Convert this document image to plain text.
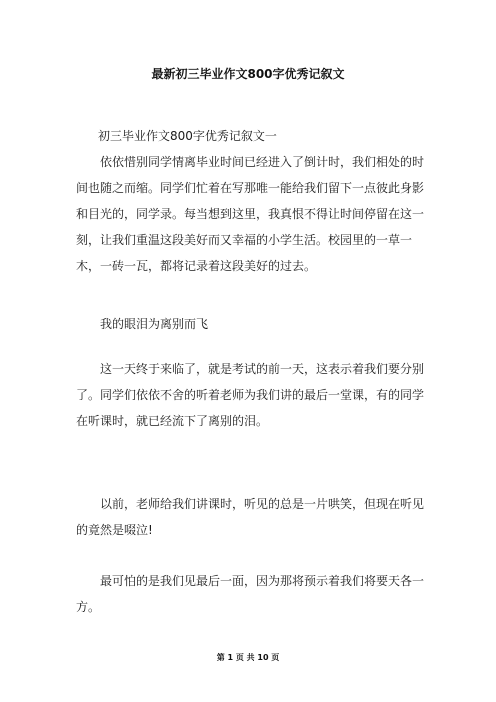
最新初三毕业作文800字优秀记叙文
初三毕业作文800字优秀记叙文一

依依惜别同学情离毕业时间已经进入了倒计时，我们相处的时间也随之而缩。同学们忙着在写那唯一能给我们留下一点彼此身影和目光的，同学录。每当想到这里，我真恨不得让时间停留在这一刻，让我们重温这段美好而又幸福的小学生活。校园里的一草一木，一砖一瓦，都将记录着这段美好的过去。

我的眼泪为离别而飞

这一天终于来临了，就是考试的前一天，这表示着我们要分别了。同学们依依不舍的听着老师为我们讲的最后一堂课，有的同学在听课时，就已经流下了离别的泪。

以前，老师给我们讲课时，听见的总是一片哄笑，但现在听见的竟然是啜泣!

最可怕的是我们见最后一面，因为那将预示着我们将要天各一方。

第 1 页 共 10 页
